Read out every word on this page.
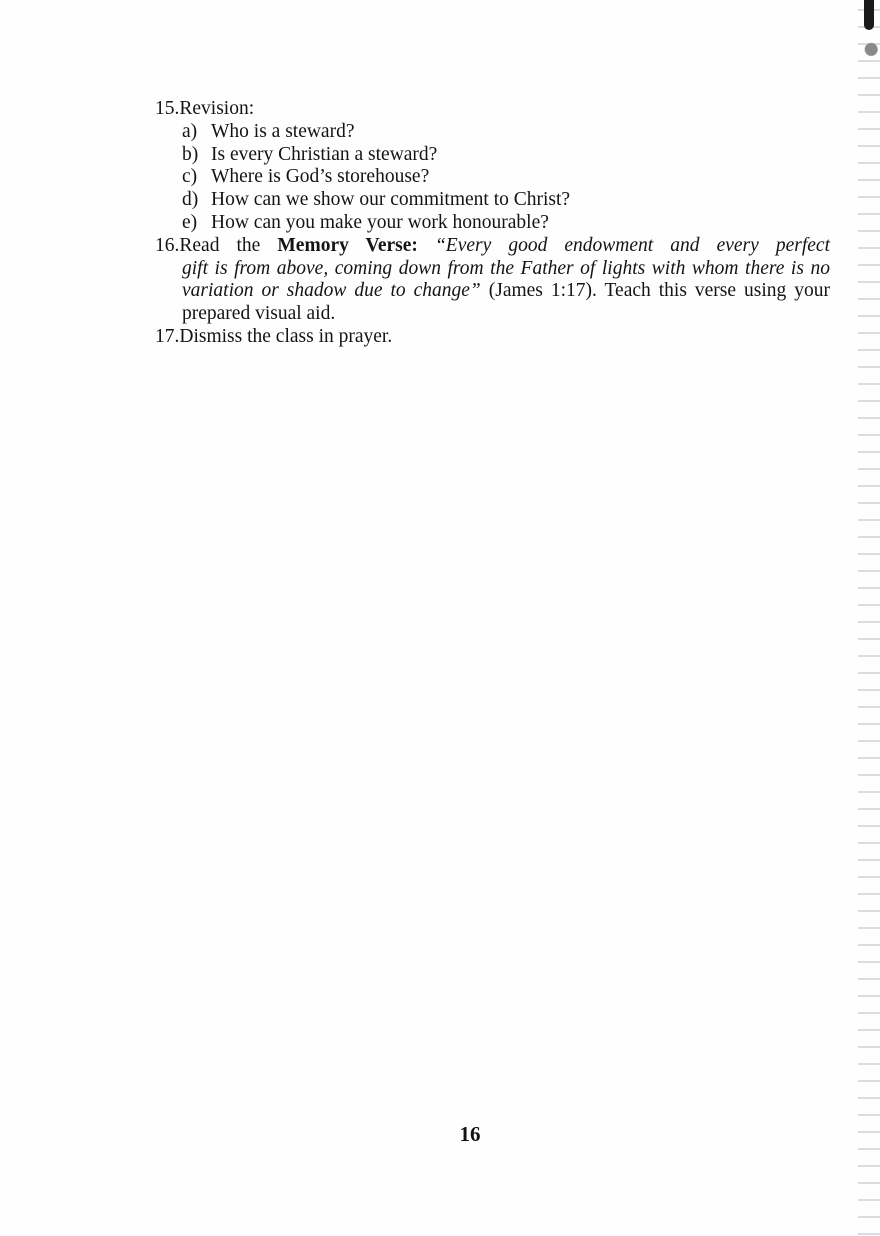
15.Revision:
a) Who is a steward?
b) Is every Christian a steward?
c) Where is God’s storehouse?
d) How can we show our commitment to Christ?
e) How can you make your work honourable?
16.Read the Memory Verse: “Every good endowment and every perfect
gift is from above, coming down from the Father of lights with whom there is no variation or shadow due to change” (James 1:17). Teach this verse using your prepared visual aid.
17.Dismiss the class in prayer.
16
